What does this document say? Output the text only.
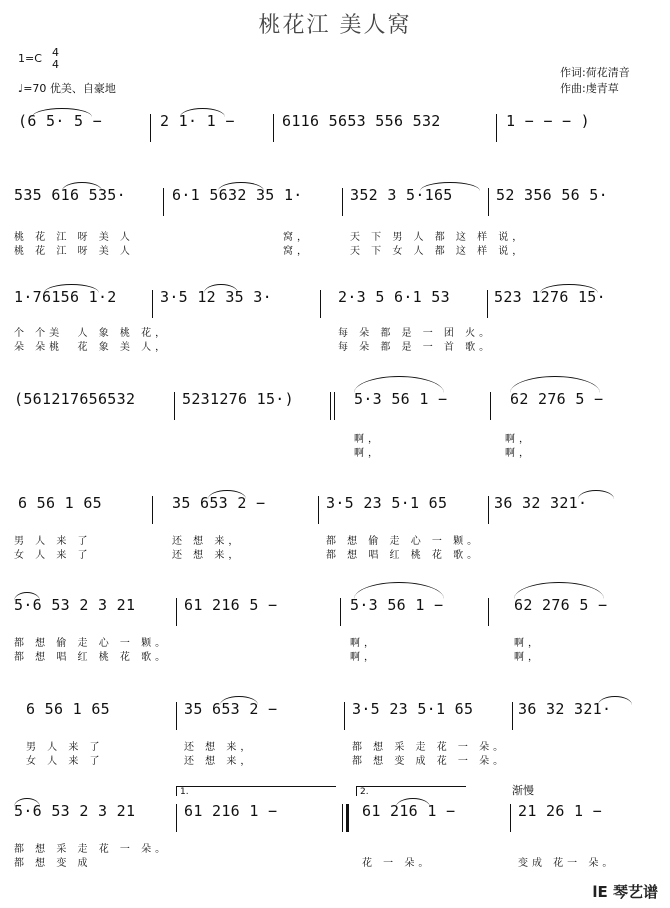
桃花江 美人窝
1=C 4
4
♩=70 优美、自豪地
作词:荷花清音
作曲:虔青草
(6 5· 5 −	2 1· 1 −	6116 5653 556 532	1 − − − )
535 616 535·	6·1 5632 35 1·	352 3 5·165	52 356 56 5·
桃 花 江 呀 美 人	窝，	天 下 男 人 都 这 样 说，
桃 花 江 呀 美 人	窝，	天 下 女 人 都 这 样 说，
1·76156 1·2	3·5 12 35 3·	2·3 5 6·1 53	523 1276 15·
个 个美  人 象 桃 花，	每 朵 都 是 一 团 火。
朵 朵桃  花 象 美 人，	每 朵 都 是 一 首 歌。
(561217656532	5231276 15·)	5·3 56 1 −	62 276 5 −
啊，	啊，
啊，	啊，
6 56 1 65	35 653 2 −	3·5 23 5·1 65	36 32 321·
男 人 来 了	还 想 来，	都 想 偷 走 心 一 颗。
女 人 来 了	还 想 来，	都 想 唱 红 桃 花 歌。
5·6 53 2 3 21	61 216 5 −	5·3 56 1 −	62 276 5 −
都 想 偷 走 心 一 颗。	啊，	啊，
都 想 唱 红 桃 花 歌。	啊，	啊，
6 56 1 65	35 653 2 −	3·5 23 5·1 65	36 32 321·
男 人 来 了	还 想 来，	都 想 采 走 花 一 朵。
女 人 来 了	还 想 来，	都 想 变 成 花 一 朵。
1.	2.	渐慢
5·6 53 2 3 21	61 216 1 −	61 216 1 −	21 26 1 −
都 想 采 走 花 一 朵。
都 想 变 成	花 一 朵。	变成 花一 朵。
lE 琴艺谱
